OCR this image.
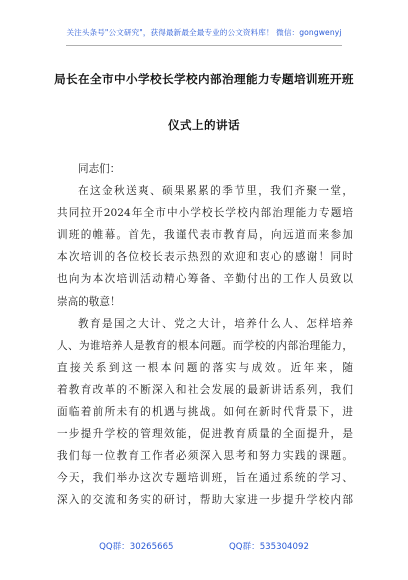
关注头条号"公文研究"，获得最新最全最专业的公文资料库！ 微信：gongwenyj
局长在全市中小学校长学校内部治理能力专题培训班开班
仪式上的讲话
同志们：
在这金秋送爽、硕果累累的季节里，我们齐聚一堂，
共同拉开2024年全市中小学校长学校内部治理能力专题培
训班的帷幕。首先，我谨代表市教育局，向远道而来参加
本次培训的各位校长表示热烈的欢迎和衷心的感谢！同时
也向为本次培训活动精心筹备、辛勤付出的工作人员致以
崇高的敬意！
教育是国之大计、党之大计，培养什么人、怎样培养
人、为谁培养人是教育的根本问题。而学校的内部治理能力，
直接关系到这一根本问题的落实与成效。近年来，随
着教育改革的不断深入和社会发展的最新讲话系列，我们
面临着前所未有的机遇与挑战。如何在新时代背景下，进
一步提升学校的管理效能，促进教育质量的全面提升，是
我们每一位教育工作者必须深入思考和努力实践的课题。
今天，我们举办这次专题培训班，旨在通过系统的学习、
深入的交流和务实的研讨，帮助大家进一步提升学校内部
QQ群：30265665	QQ群：535304092
